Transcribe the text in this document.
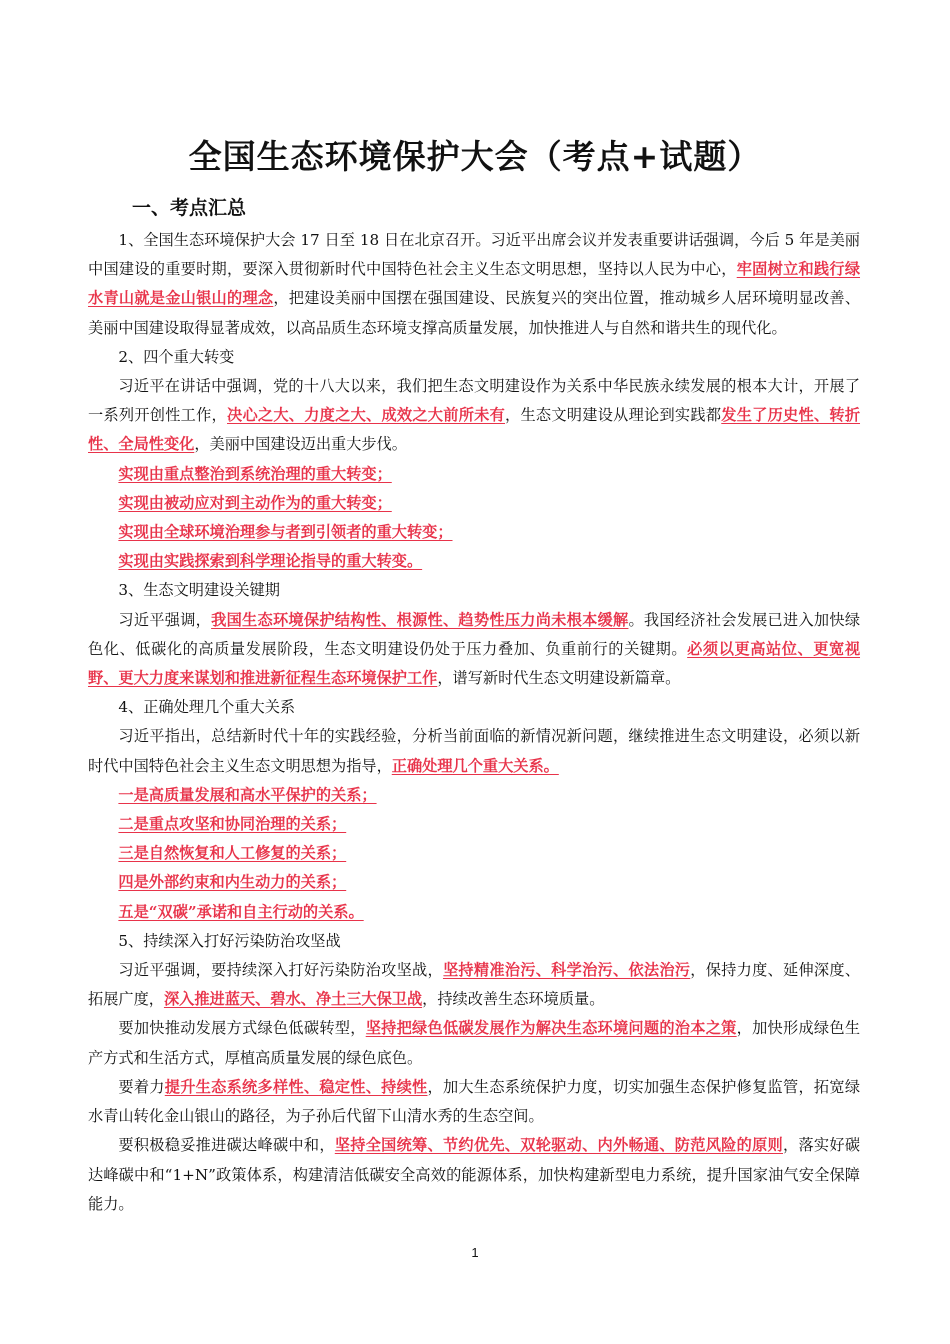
全国生态环境保护大会（考点+试题）
一、考点汇总

1、全国生态环境保护大会 17 日至 18 日在北京召开。习近平出席会议并发表重要讲话强调，今后 5 年是美丽中国建设的重要时期，要深入贯彻新时代中国特色社会主义生态文明思想，坚持以人民为中心，牢固树立和践行绿水青山就是金山银山的理念，把建设美丽中国摆在强国建设、民族复兴的突出位置，推动城乡人居环境明显改善、美丽中国建设取得显著成效，以高品质生态环境支撑高质量发展，加快推进人与自然和谐共生的现代化。

2、四个重大转变

习近平在讲话中强调，党的十八大以来，我们把生态文明建设作为关系中华民族永续发展的根本大计，开展了一系列开创性工作，决心之大、力度之大、成效之大前所未有，生态文明建设从理论到实践都发生了历史性、转折性、全局性变化，美丽中国建设迈出重大步伐。

实现由重点整治到系统治理的重大转变；

实现由被动应对到主动作为的重大转变；

实现由全球环境治理参与者到引领者的重大转变；

实现由实践探索到科学理论指导的重大转变。

3、生态文明建设关键期

习近平强调，我国生态环境保护结构性、根源性、趋势性压力尚未根本缓解。我国经济社会发展已进入加快绿色化、低碳化的高质量发展阶段，生态文明建设仍处于压力叠加、负重前行的关键期。必须以更高站位、更宽视野、更大力度来谋划和推进新征程生态环境保护工作，谱写新时代生态文明建设新篇章。

4、正确处理几个重大关系

习近平指出，总结新时代十年的实践经验，分析当前面临的新情况新问题，继续推进生态文明建设，必须以新时代中国特色社会主义生态文明思想为指导，正确处理几个重大关系。

一是高质量发展和高水平保护的关系；

二是重点攻坚和协同治理的关系；

三是自然恢复和人工修复的关系；

四是外部约束和内生动力的关系；

五是“双碳”承诺和自主行动的关系。

5、持续深入打好污染防治攻坚战

习近平强调，要持续深入打好污染防治攻坚战，坚持精准治污、科学治污、依法治污，保持力度、延伸深度、拓展广度，深入推进蓝天、碧水、净土三大保卫战，持续改善生态环境质量。

要加快推动发展方式绿色低碳转型，坚持把绿色低碳发展作为解决生态环境问题的治本之策，加快形成绿色生产方式和生活方式，厚植高质量发展的绿色底色。

要着力提升生态系统多样性、稳定性、持续性，加大生态系统保护力度，切实加强生态保护修复监管，拓宽绿水青山转化金山银山的路径，为子孙后代留下山清水秀的生态空间。

要积极稳妥推进碳达峰碳中和，坚持全国统筹、节约优先、双轮驱动、内外畅通、防范风险的原则，落实好碳达峰碳中和“1+N”政策体系，构建清洁低碳安全高效的能源体系，加快构建新型电力系统，提升国家油气安全保障能力。

1
